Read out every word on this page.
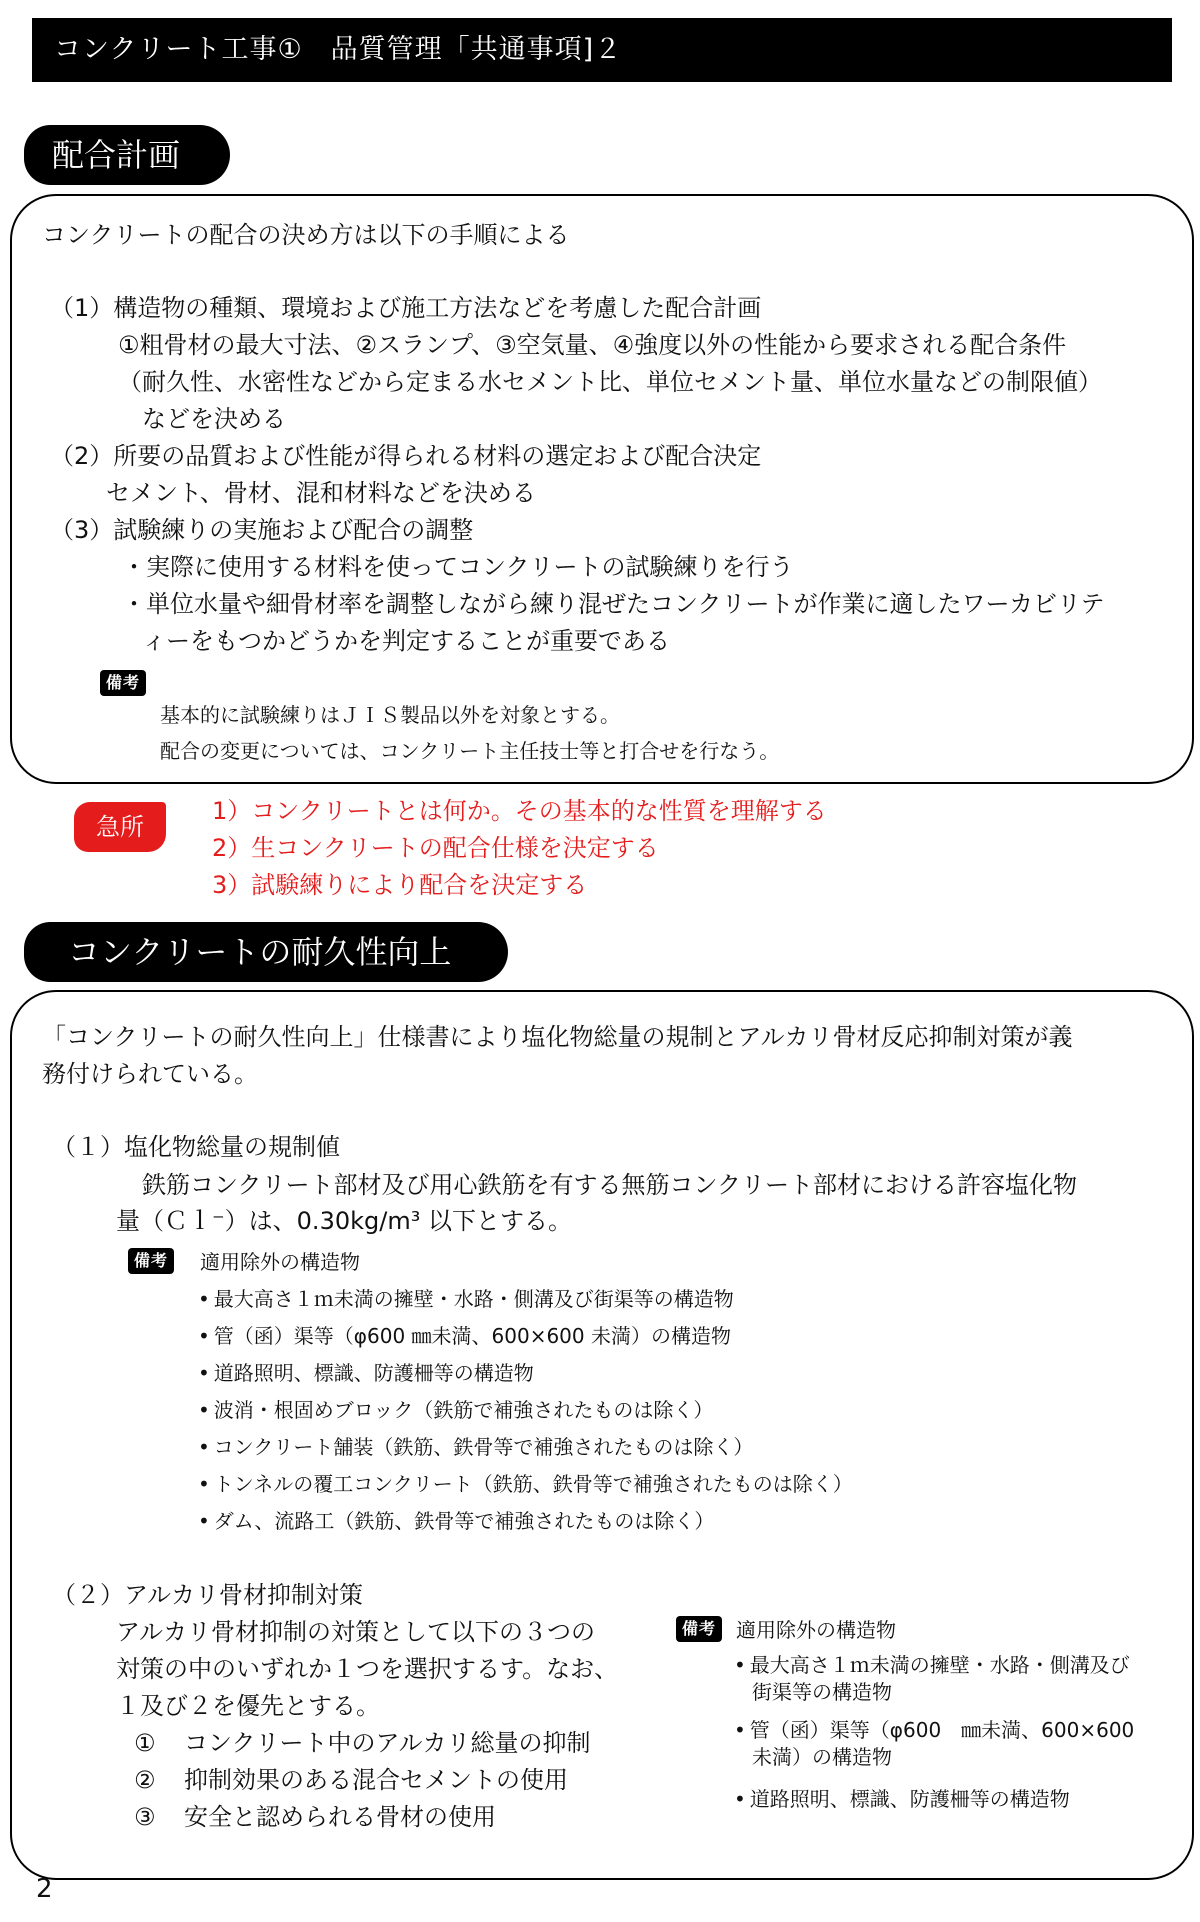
コンクリート工事①　品質管理「共通事項]２
配合計画
コンクリートの配合の決め方は以下の手順による
（1）構造物の種類、環境および施工方法などを考慮した配合計画
①粗骨材の最大寸法、②スランプ、③空気量、④強度以外の性能から要求される配合条件
（耐久性、水密性などから定まる水セメント比、単位セメント量、単位水量などの制限値）
などを決める
（2）所要の品質および性能が得られる材料の選定および配合決定
セメント、骨材、混和材料などを決める
（3）試験練りの実施および配合の調整
・実際に使用する材料を使ってコンクリートの試験練りを行う
・単位水量や細骨材率を調整しながら練り混ぜたコンクリートが作業に適したワーカビリテ
ィーをもつかどうかを判定することが重要である
備考
基本的に試験練りはＪＩＳ製品以外を対象とする。
配合の変更については、コンクリート主任技士等と打合せを行なう。
急所
1）コンクリートとは何か。その基本的な性質を理解する
2）生コンクリートの配合仕様を決定する
3）試験練りにより配合を決定する
コンクリートの耐久性向上
「コンクリートの耐久性向上」仕様書により塩化物総量の規制とアルカリ骨材反応抑制対策が義
務付けられている。
（１）塩化物総量の規制値
鉄筋コンクリート部材及び用心鉄筋を有する無筋コンクリート部材における許容塩化物
量（Ｃｌ⁻）は、0.30kg/m³ 以下とする。
備考	適用除外の構造物
• 最大高さ１ｍ未満の擁壁・水路・側溝及び街渠等の構造物
• 管（函）渠等（φ600 ㎜未満、600×600 未満）の構造物
• 道路照明、標識、防護柵等の構造物
• 波消・根固めブロック（鉄筋で補強されたものは除く）
• コンクリート舗装（鉄筋、鉄骨等で補強されたものは除く）
• トンネルの覆工コンクリート（鉄筋、鉄骨等で補強されたものは除く）
• ダム、流路工（鉄筋、鉄骨等で補強されたものは除く）
（２）アルカリ骨材抑制対策
アルカリ骨材抑制の対策として以下の３つの
対策の中のいずれか１つを選択するす。なお、
１及び２を優先とする。
① コンクリート中のアルカリ総量の抑制
② 抑制効果のある混合セメントの使用
③ 安全と認められる骨材の使用
備考 適用除外の構造物
• 最大高さ１ｍ未満の擁壁・水路・側溝及び
街渠等の構造物
• 管（函）渠等（φ600　㎜未満、600×600
未満）の構造物
• 道路照明、標識、防護柵等の構造物
2
